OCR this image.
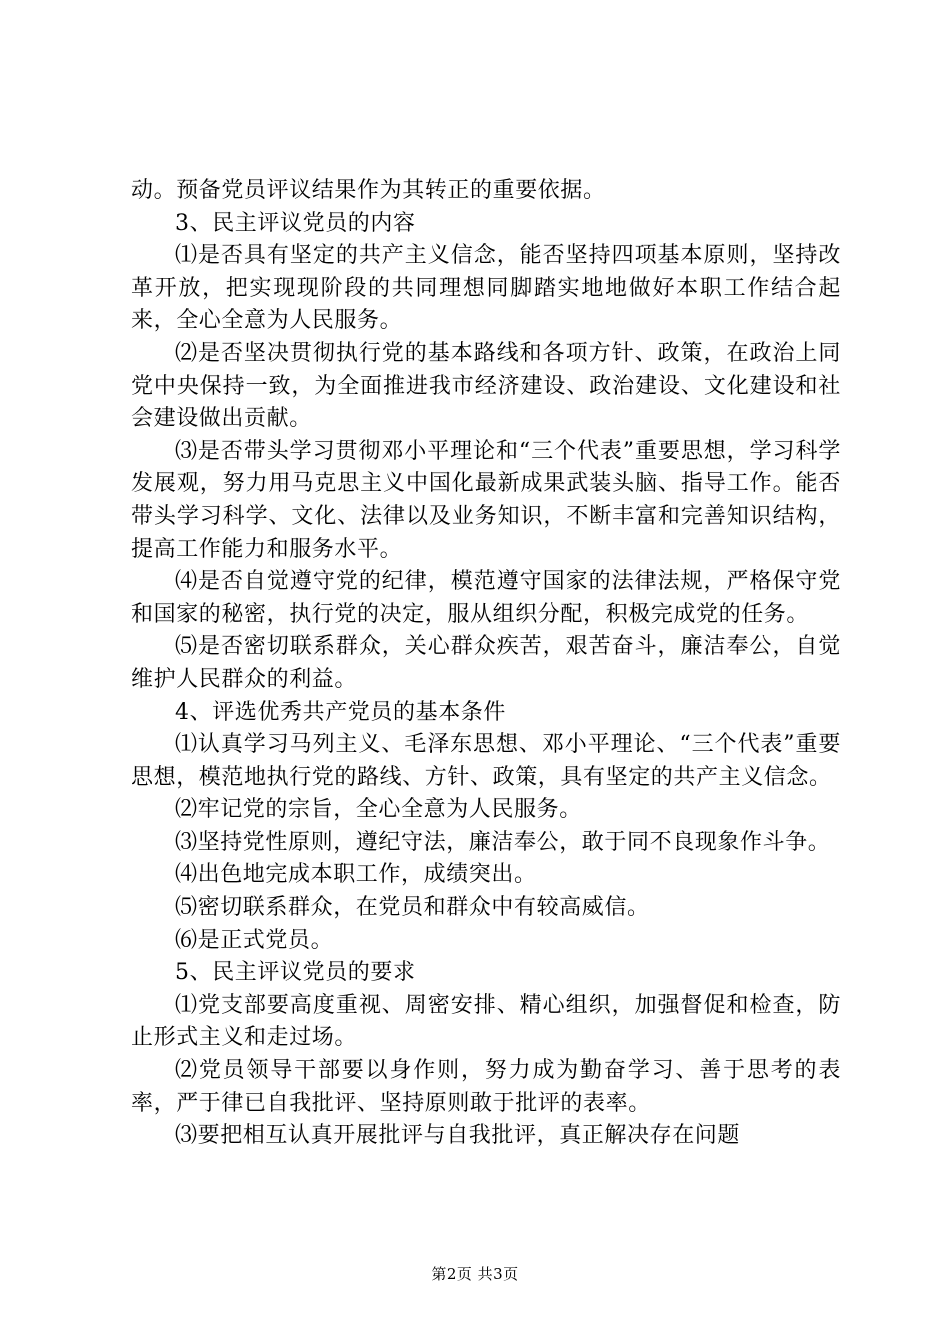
动。预备党员评议结果作为其转正的重要依据。

3、民主评议党员的内容

⑴是否具有坚定的共产主义信念，能否坚持四项基本原则，坚持改革开放，把实现现阶段的共同理想同脚踏实地地做好本职工作结合起来，全心全意为人民服务。

⑵是否坚决贯彻执行党的基本路线和各项方针、政策，在政治上同党中央保持一致，为全面推进我市经济建设、政治建设、文化建设和社会建设做出贡献。

⑶是否带头学习贯彻邓小平理论和“三个代表”重要思想，学习科学发展观，努力用马克思主义中国化最新成果武装头脑、指导工作。能否带头学习科学、文化、法律以及业务知识，不断丰富和完善知识结构，提高工作能力和服务水平。

⑷是否自觉遵守党的纪律，模范遵守国家的法律法规，严格保守党和国家的秘密，执行党的决定，服从组织分配，积极完成党的任务。

⑸是否密切联系群众，关心群众疾苦，艰苦奋斗，廉洁奉公，自觉维护人民群众的利益。

4、评选优秀共产党员的基本条件

⑴认真学习马列主义、毛泽东思想、邓小平理论、“三个代表”重要思想，模范地执行党的路线、方针、政策，具有坚定的共产主义信念。

⑵牢记党的宗旨，全心全意为人民服务。

⑶坚持党性原则，遵纪守法，廉洁奉公，敢于同不良现象作斗争。

⑷出色地完成本职工作，成绩突出。

⑸密切联系群众，在党员和群众中有较高威信。

⑹是正式党员。

5、民主评议党员的要求

⑴党支部要高度重视、周密安排、精心组织，加强督促和检查，防止形式主义和走过场。

⑵党员领导干部要以身作则，努力成为勤奋学习、善于思考的表率，严于律已自我批评、坚持原则敢于批评的表率。

⑶要把相互认真开展批评与自我批评，真正解决存在问题

第2页 共3页
